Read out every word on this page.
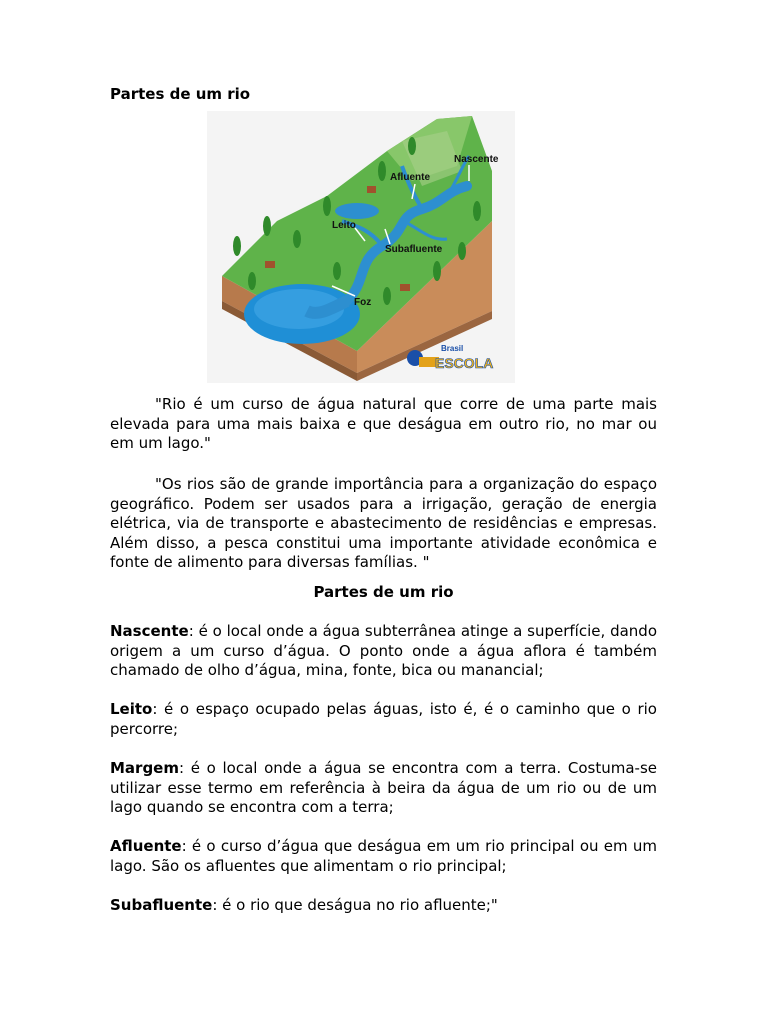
Partes de um rio
Nascente
Afluente
Leito
Subafluente
Foz
Brasil
ESCOLA

"Rio é um curso de água natural que corre de uma parte mais elevada para uma mais baixa e que deságua em outro rio, no mar ou em um lago."

"Os rios são de grande importância para a organização do espaço geográfico. Podem ser usados para a irrigação, geração de energia elétrica, via de transporte e abastecimento de residências e empresas. Além disso, a pesca constitui uma importante atividade econômica e fonte de alimento para diversas famílias. "

Partes de um rio

Nascente: é o local onde a água subterrânea atinge a superfície, dando origem a um curso d’água. O ponto onde a água aflora é também chamado de olho d’água, mina, fonte, bica ou manancial;

Leito: é o espaço ocupado pelas águas, isto é, é o caminho que o rio percorre;

Margem: é o local onde a água se encontra com a terra. Costuma-se utilizar esse termo em referência à beira da água de um rio ou de um lago quando se encontra com a terra;

Afluente: é o curso d’água que deságua em um rio principal ou em um lago. São os afluentes que alimentam o rio principal;

Subafluente: é o rio que deságua no rio afluente;"
